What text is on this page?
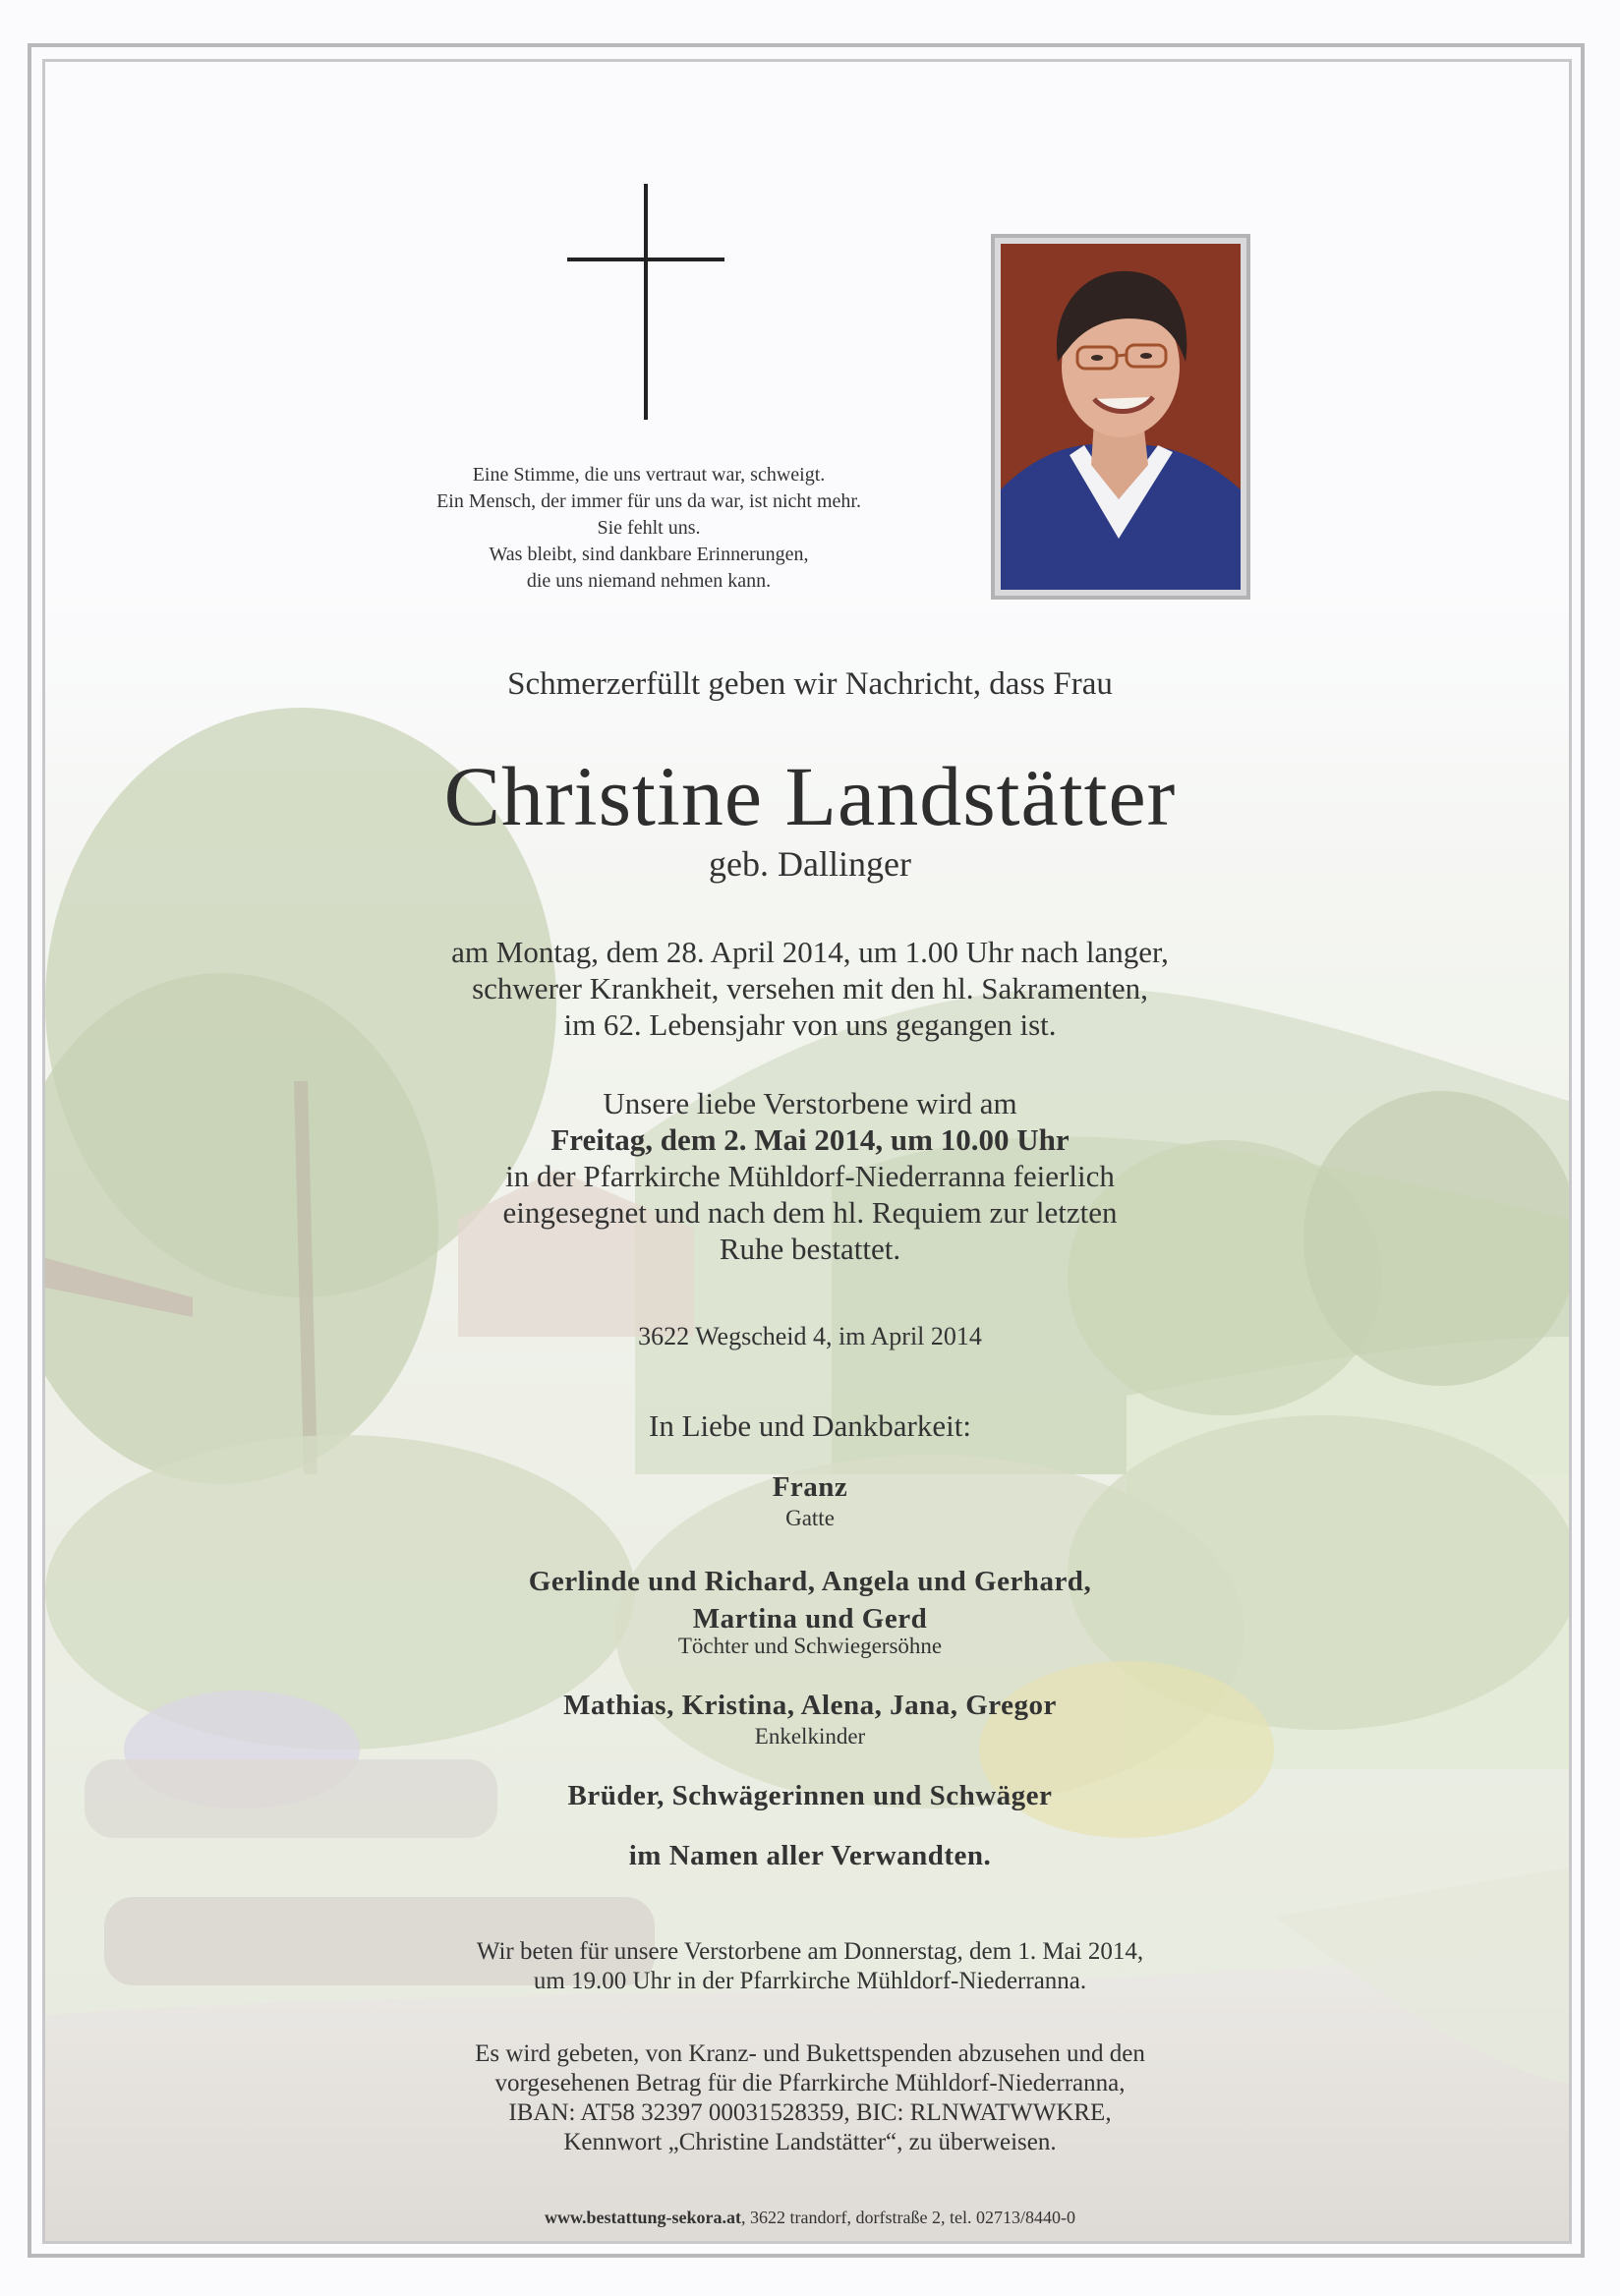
Eine Stimme, die uns vertraut war, schweigt.
Ein Mensch, der immer für uns da war, ist nicht mehr.
Sie fehlt uns.
Was bleibt, sind dankbare Erinnerungen,
die uns niemand nehmen kann.
Schmerzerfüllt geben wir Nachricht, dass Frau
Christine Landstätter
geb. Dallinger
am Montag, dem 28. April 2014, um 1.00 Uhr nach langer,
schwerer Krankheit, versehen mit den hl. Sakramenten,
im 62. Lebensjahr von uns gegangen ist.
Unsere liebe Verstorbene wird am
Freitag, dem 2. Mai 2014, um 10.00 Uhr
in der Pfarrkirche Mühldorf-Niederranna feierlich
eingesegnet und nach dem hl. Requiem zur letzten
Ruhe bestattet.
3622 Wegscheid 4, im April 2014
In Liebe und Dankbarkeit:
Franz
Gatte
Gerlinde und Richard, Angela und Gerhard,
Martina und Gerd
Töchter und Schwiegersöhne
Mathias, Kristina, Alena, Jana, Gregor
Enkelkinder
Brüder, Schwägerinnen und Schwäger
im Namen aller Verwandten.
Wir beten für unsere Verstorbene am Donnerstag, dem 1. Mai 2014,
um 19.00 Uhr in der Pfarrkirche Mühldorf-Niederranna.
Es wird gebeten, von Kranz- und Bukettspenden abzusehen und den
vorgesehenen Betrag für die Pfarrkirche Mühldorf-Niederranna,
IBAN: AT58 32397 00031528359, BIC: RLNWATWWKRE,
Kennwort „Christine Landstätter“, zu überweisen.
www.bestattung-sekora.at, 3622 trandorf, dorfstraße 2, tel. 02713/8440-0
